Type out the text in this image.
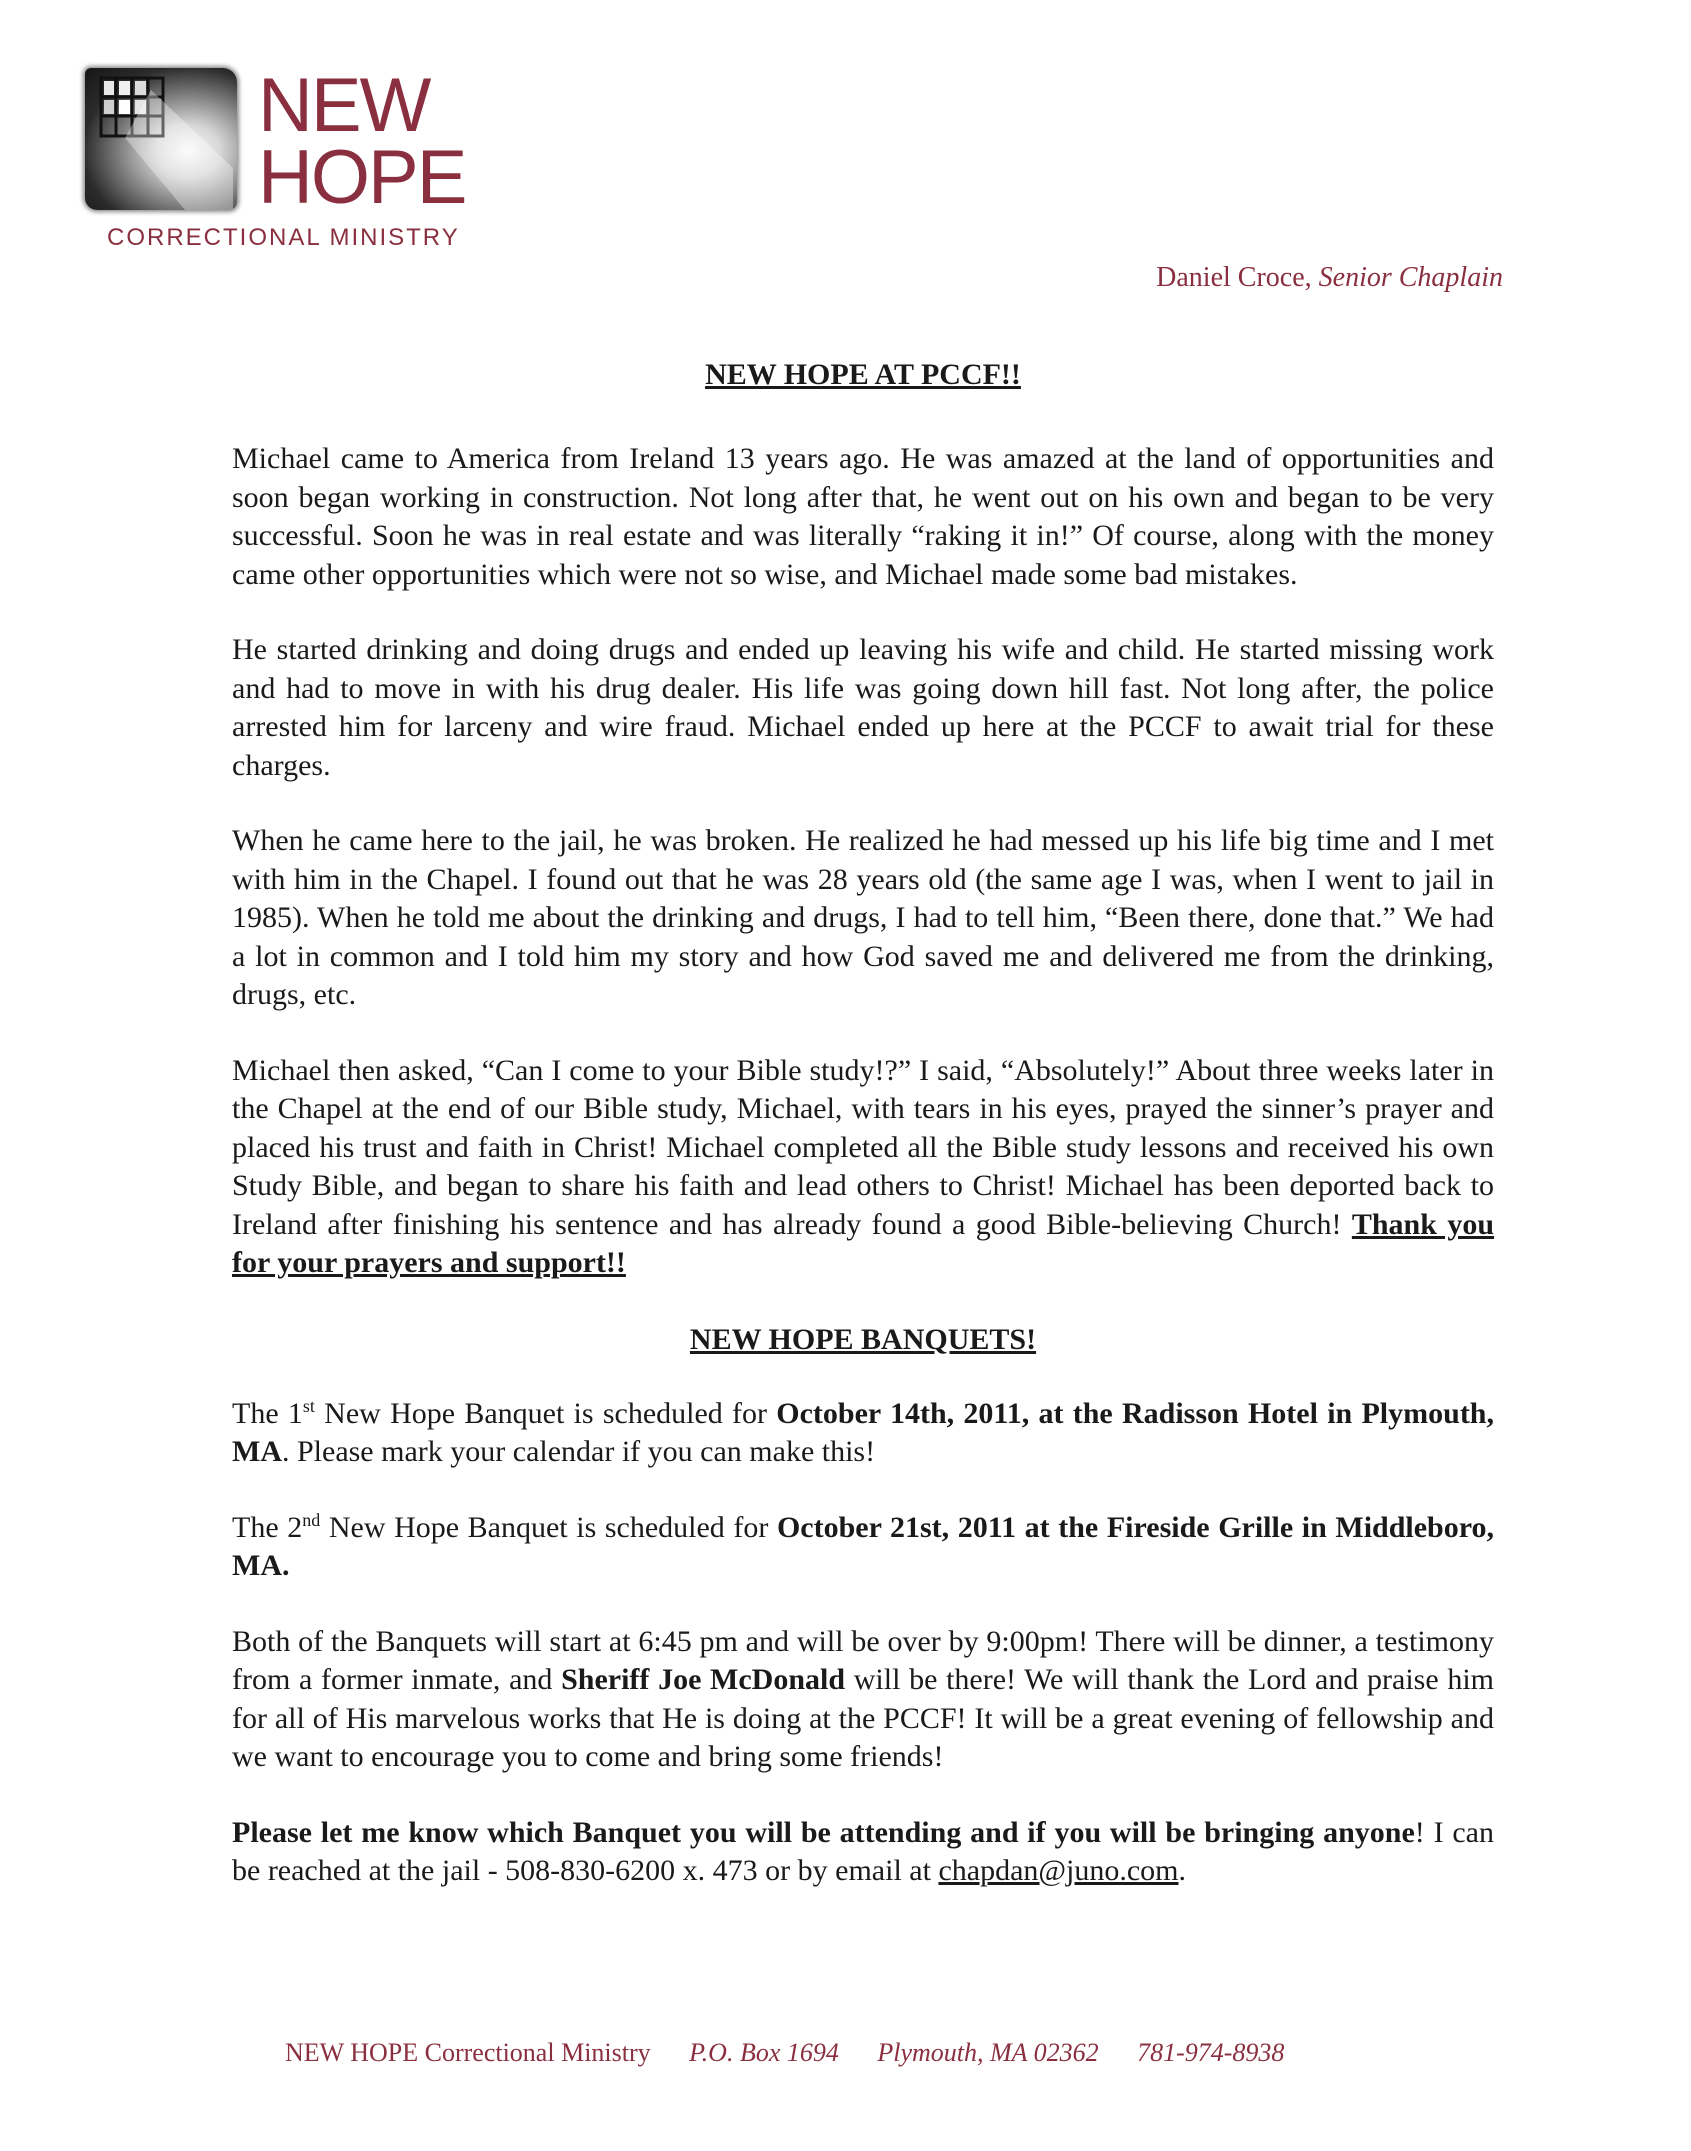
NEW
HOPE
CORRECTIONAL MINISTRY
Daniel Croce, Senior Chaplain
NEW HOPE AT PCCF!!

Michael came to America from Ireland 13 years ago. He was amazed at the land of opportunities and soon began working in construction. Not long after that, he went out on his own and began to be very successful. Soon he was in real estate and was literally “raking it in!” Of course, along with the money came other opportunities which were not so wise, and Michael made some bad mistakes.

He started drinking and doing drugs and ended up leaving his wife and child. He started missing work and had to move in with his drug dealer. His life was going down hill fast. Not long after, the police arrested him for larceny and wire fraud. Michael ended up here at the PCCF to await trial for these charges.

When he came here to the jail, he was broken. He realized he had messed up his life big time and I met with him in the Chapel. I found out that he was 28 years old (the same age I was, when I went to jail in 1985). When he told me about the drinking and drugs, I had to tell him, “Been there, done that.” We had a lot in common and I told him my story and how God saved me and delivered me from the drinking, drugs, etc.

Michael then asked, “Can I come to your Bible study!?” I said, “Absolutely!” About three weeks later in the Chapel at the end of our Bible study, Michael, with tears in his eyes, prayed the sinner’s prayer and placed his trust and faith in Christ! Michael completed all the Bible study lessons and received his own Study Bible, and began to share his faith and lead others to Christ! Michael has been deported back to Ireland after finishing his sentence and has already found a good Bible-believing Church! Thank you for your prayers and support!!

NEW HOPE BANQUETS!

The 1st New Hope Banquet is scheduled for October 14th, 2011, at the Radisson Hotel in Plymouth, MA. Please mark your calendar if you can make this!

The 2nd New Hope Banquet is scheduled for October 21st, 2011 at the Fireside Grille in Middleboro, MA.

Both of the Banquets will start at 6:45 pm and will be over by 9:00pm! There will be dinner, a testimony from a former inmate, and Sheriff Joe McDonald will be there! We will thank the Lord and praise him for all of His marvelous works that He is doing at the PCCF! It will be a great evening of fellowship and we want to encourage you to come and bring some friends!

Please let me know which Banquet you will be attending and if you will be bringing anyone! I can be reached at the jail - 508-830-6200 x. 473 or by email at chapdan@juno.com.

NEW HOPE Correctional Ministry P.O. Box 1694 Plymouth, MA 02362 781-974-8938
